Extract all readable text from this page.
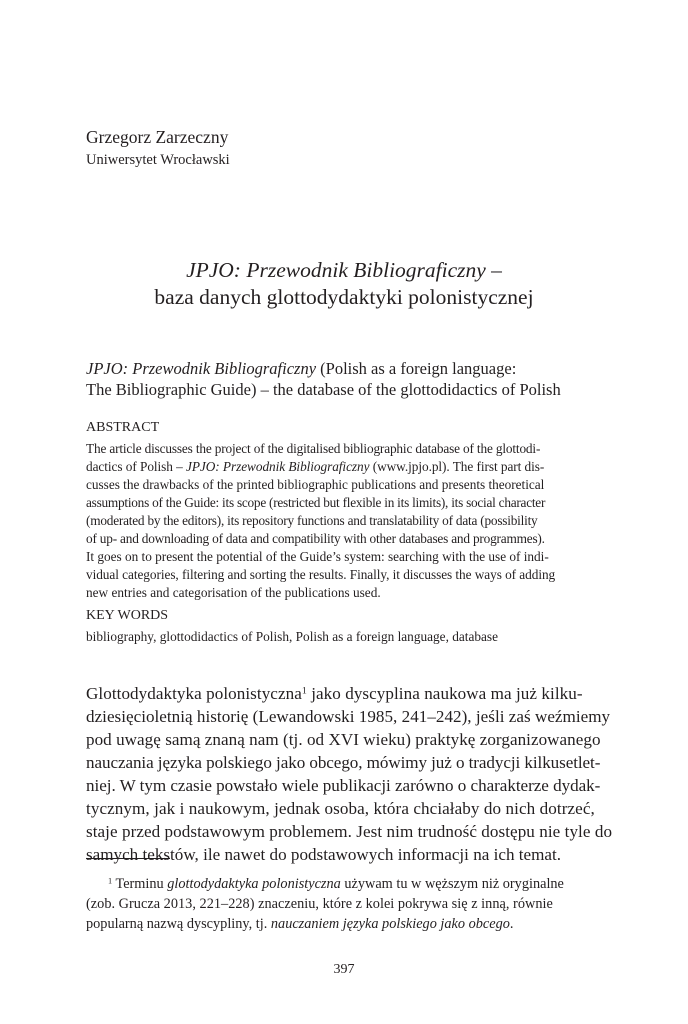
Grzegorz Zarzeczny
Uniwersytet Wrocławski
JPJO: Przewodnik Bibliograficzny –
baza danych glottodydaktyki polonistycznej
JPJO: Przewodnik Bibliograficzny (Polish as a foreign language:
The Bibliographic Guide) – the database of the glottodidactics of Polish
ABSTRACT
The article discusses the project of the digitalised bibliographic database of the glottodi-
dactics of Polish – JPJO: Przewodnik Bibliograficzny (www.jpjo.pl). The first part dis-
cusses the drawbacks of the printed bibliographic publications and presents theoretical
assumptions of the Guide: its scope (restricted but flexible in its limits), its social character
(moderated by the editors), its repository functions and translatability of data (possibility
of up- and downloading of data and compatibility with other databases and programmes).
It goes on to present the potential of the Guide’s system: searching with the use of indi-
vidual categories, filtering and sorting the results. Finally, it discusses the ways of adding
new entries and categorisation of the publications used.
KEY WORDS
bibliography, glottodidactics of Polish, Polish as a foreign language, database
Glottodydaktyka polonistyczna$^1$ jako dyscyplina naukowa ma już kilku-
dziesięcioletnią historię (Lewandowski 1985, 241–242), jeśli zaś weźmiemy
pod uwagę samą znaną nam (tj. od XVI wieku) praktykę zorganizowanego
nauczania języka polskiego jako obcego, mówimy już o tradycji kilkusetlet-
niej. W tym czasie powstało wiele publikacji zarówno o charakterze dydak-
tycznym, jak i naukowym, jednak osoba, która chciałaby do nich dotrzeć,
staje przed podstawowym problemem. Jest nim trudność dostępu nie tyle do
samych tekstów, ile nawet do podstawowych informacji na ich temat.
$^1$ Terminu glottodydaktyka polonistyczna używam tu w węższym niż oryginalne
(zob. Grucza 2013, 221–228) znaczeniu, które z kolei pokrywa się z inną, równie
popularną nazwą dyscypliny, tj. nauczaniem języka polskiego jako obcego.
397
